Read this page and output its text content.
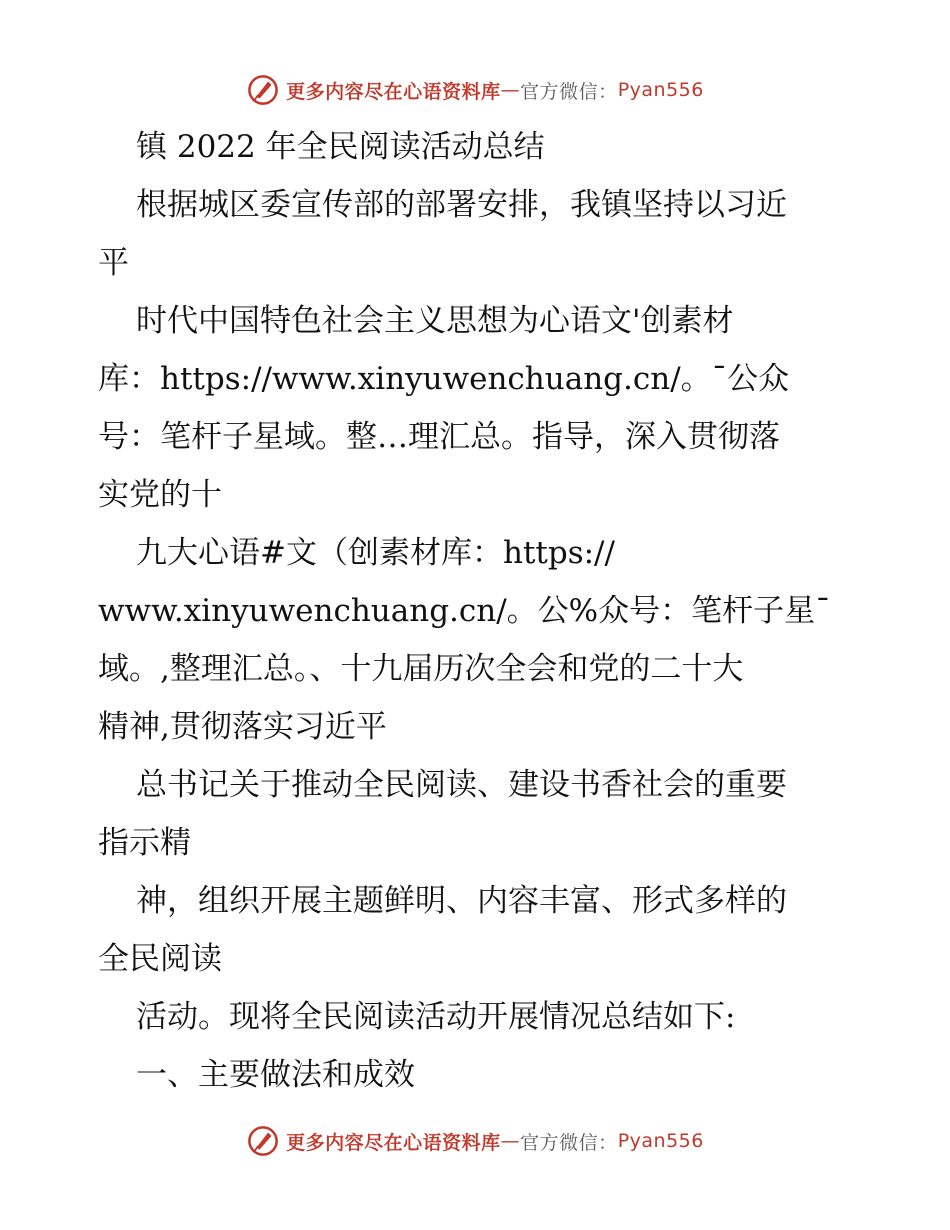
更多内容尽在心语资料库 — 官方微信： Pyan556
镇 2022 年全民阅读活动总结
根据城区委宣传部的部署安排，我镇坚持以习近
平
时代中国特色社会主义思想为心语文'创素材
库：https://www.xinyuwenchuang.cn/。¯公众
号：笔杆子星域。整…理汇总。指导，深入贯彻落
实党的十
九大心语#文（创素材库：https://
www.xinyuwenchuang.cn/。公%众号：笔杆子星¯
域。,整理汇总。、十九届历次全会和党的二十大
精神,贯彻落实习近平
总书记关于推动全民阅读、建设书香社会的重要
指示精
神，组织开展主题鲜明、内容丰富、形式多样的
全民阅读
活动。现将全民阅读活动开展情况总结如下:
一、主要做法和成效
更多内容尽在心语资料库 — 官方微信： Pyan556
